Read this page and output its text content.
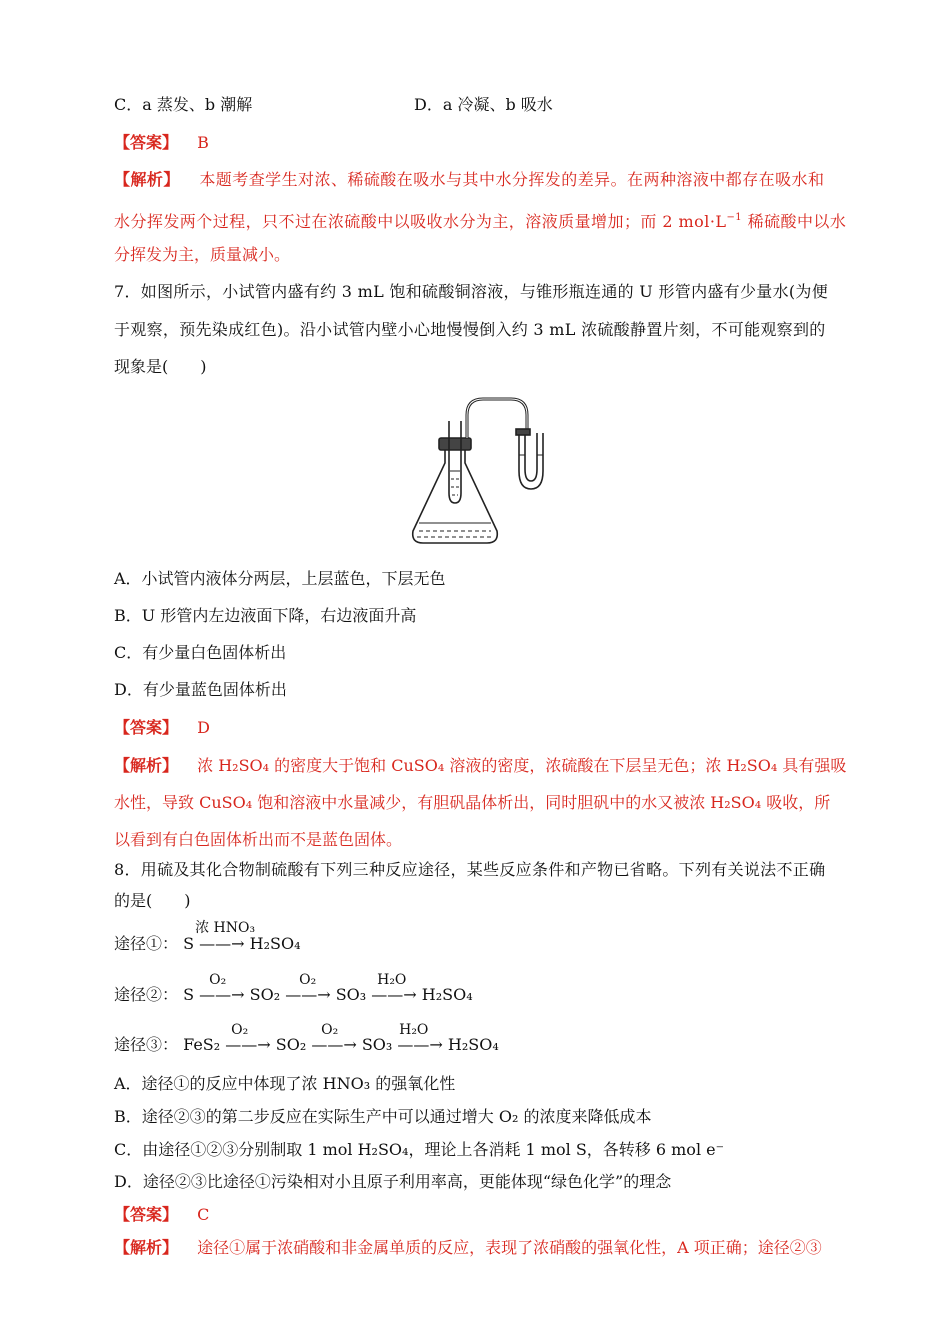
C．a 蒸发、b 潮解	D．a 冷凝、b 吸水
【答案】 B
【解析】 本题考查学生对浓、稀硫酸在吸水与其中水分挥发的差异。在两种溶液中都存在吸水和
水分挥发两个过程，只不过在浓硫酸中以吸收水分为主，溶液质量增加；而 2 $mol\cdot L^{-1}$ 稀硫酸中以水
分挥发为主，质量减小。
7．如图所示，小试管内盛有约 3 mL 饱和硫酸铜溶液，与锥形瓶连通的 U 形管内盛有少量水(为便
于观察，预先染成红色)。沿小试管内壁小心地慢慢倒入约 3 mL 浓硫酸静置片刻，不可能观察到的
现象是(　　)
A．小试管内液体分两层，上层蓝色，下层无色
B．U 形管内左边液面下降，右边液面升高
C．有少量白色固体析出
D．有少量蓝色固体析出
【答案】 D
【解析】 浓 H₂SO₄ 的密度大于饱和 CuSO₄ 溶液的密度，浓硫酸在下层呈无色；浓 H₂SO₄ 具有强吸
水性，导致 CuSO₄ 饱和溶液中水量减少，有胆矾晶体析出，同时胆矾中的水又被浓 H₂SO₄ 吸收，所
以看到有白色固体析出而不是蓝色固体。
8．用硫及其化合物制硫酸有下列三种反应途径，某些反应条件和产物已省略。下列有关说法不正确
的是(　　)
途径①： S ——→ H₂SO₄
浓 HNO₃
途径②： S ——→ SO₂ ——→ SO₃ ——→ H₂SO₄
O₂	O₂	H₂O
途径③： FeS₂ ——→ SO₂ ——→ SO₃ ——→ H₂SO₄
O₂	O₂	H₂O
A．途径①的反应中体现了浓 HNO₃ 的强氧化性
B．途径②③的第二步反应在实际生产中可以通过增大 O₂ 的浓度来降低成本
C．由途径①②③分别制取 1 mol H₂SO₄，理论上各消耗 1 mol S，各转移 6 mol e⁻
D．途径②③比途径①污染相对小且原子利用率高，更能体现“绿色化学”的理念
【答案】 C
【解析】 途径①属于浓硝酸和非金属单质的反应，表现了浓硝酸的强氧化性，A 项正确；途径②③
